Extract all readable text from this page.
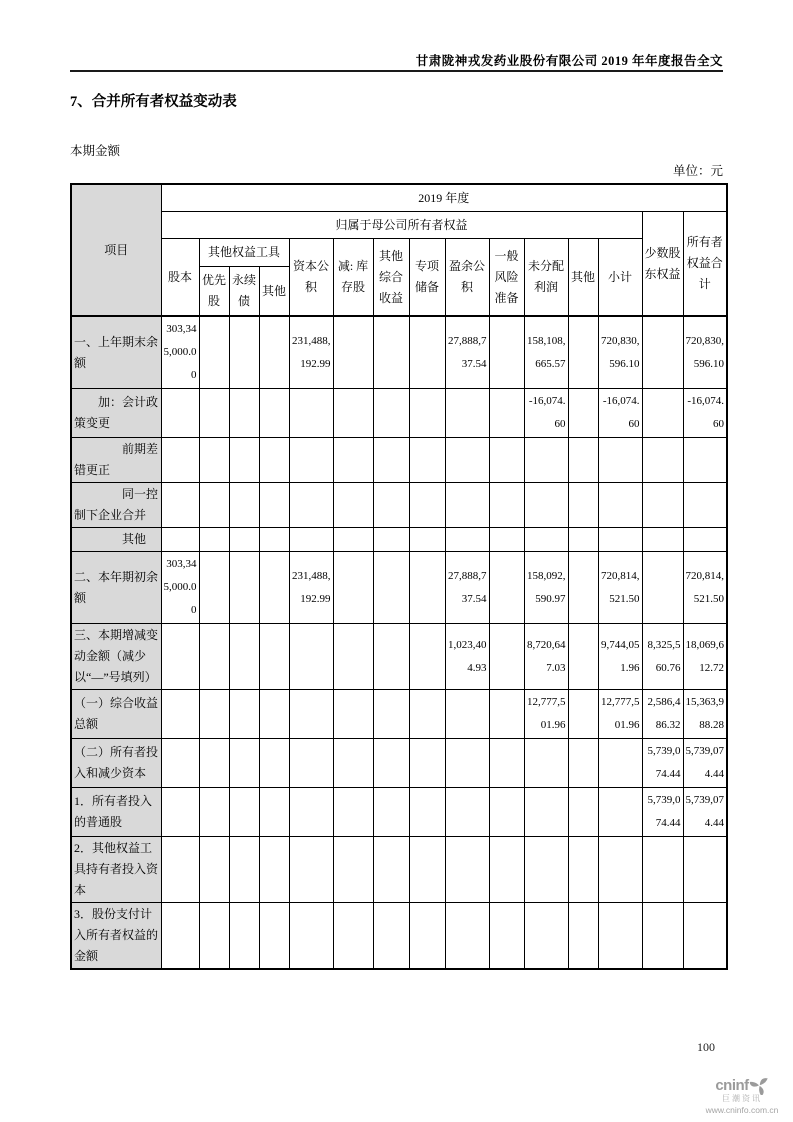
甘肃陇神戎发药业股份有限公司 2019 年年度报告全文
7、合并所有者权益变动表
本期金额
单位：元
项目	2019 年度														
	归属于母公司所有者权益													少数股东权益	所有者权益合计
	股本	其他权益工具			资本公积	减: 库存股	其他综合收益	专项储备	盈余公积	一般风险准备	未分配利润	其他	小计		
		优先股	永续债	其他											
一、上年期末余额	303,345,000.00				231,488,192.99				27,888,737.54		158,108,665.57		720,830,596.10		720,830,596.10
加：会计政策变更											-16,074.60		-16,074.60		-16,074.60
前期差错更正															
同一控制下企业合并															
其他															
二、本年期初余额	303,345,000.00				231,488,192.99				27,888,737.54		158,092,590.97		720,814,521.50		720,814,521.50
三、本期增减变动金额（减少以“—”号填列）									1,023,404.93		8,720,647.03		9,744,051.96	8,325,560.76	18,069,612.72
（一）综合收益总额											12,777,501.96		12,777,501.96	2,586,486.32	15,363,988.28
（二）所有者投入和减少资本														5,739,074.44	5,739,074.44
1．所有者投入的普通股														5,739,074.44	5,739,074.44
2．其他权益工具持有者投入资本															
3．股份支付计入所有者权益的金额															
100
cninf
巨潮资讯
www.cninfo.com.cn
